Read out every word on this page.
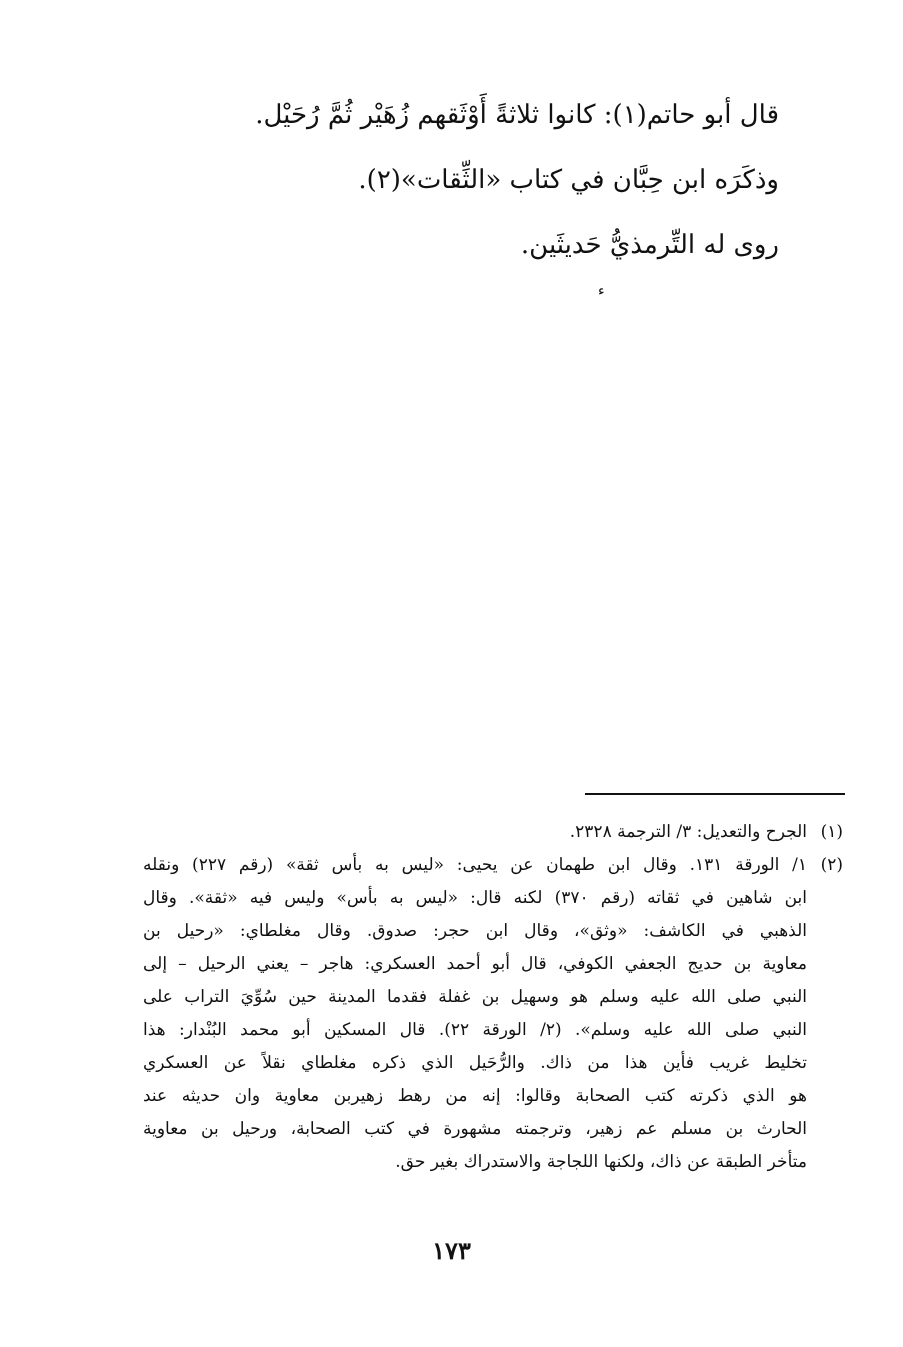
قال أبو حاتم(١): كانوا ثلاثةً أَوْثَقهم زُهَيْر ثُمَّ رُحَيْل.
وذكَرَه ابن حِبَّان في كتاب «الثِّقات»(٢).
روى له التِّرمذيُّ حَديثَين.
ء
(١)
الجرح والتعديل: ٣/ الترجمة ٢٣٢٨.
(٢)
١/ الورقة ١٣١. وقال ابن طهمان عن يحيى: «ليس به بأس ثقة» (رقم ٢٢٧) ونقله
ابن شاهين في ثقاته (رقم ٣٧٠) لكنه قال: «ليس به بأس» وليس فيه «ثقة». وقال
الذهبي في الكاشف: «وثق»، وقال ابن حجر: صدوق. وقال مغلطاي: «رحيل بن
معاوية بن حديج الجعفي الكوفي، قال أبو أحمد العسكري: هاجر – يعني الرحيل – إلى
النبي صلى الله عليه وسلم هو وسهيل بن غفلة فقدما المدينة حين سُوِّيَ التراب على
النبي صلى الله عليه وسلم». (٢/ الورقة ٢٢). قال المسكين أبو محمد البُنْدار: هذا
تخليط غريب فأين هذا من ذاك. والرُّحَيل الذي ذكره مغلطاي نقلاً عن العسكري
هو الذي ذكرته كتب الصحابة وقالوا: إنه من رهط زهيربن معاوية وان حديثه عند
الحارث بن مسلم عم زهير، وترجمته مشهورة في كتب الصحابة، ورحيل بن معاوية
متأخر الطبقة عن ذاك، ولكنها اللجاجة والاستدراك بغير حق.
١٧٣
